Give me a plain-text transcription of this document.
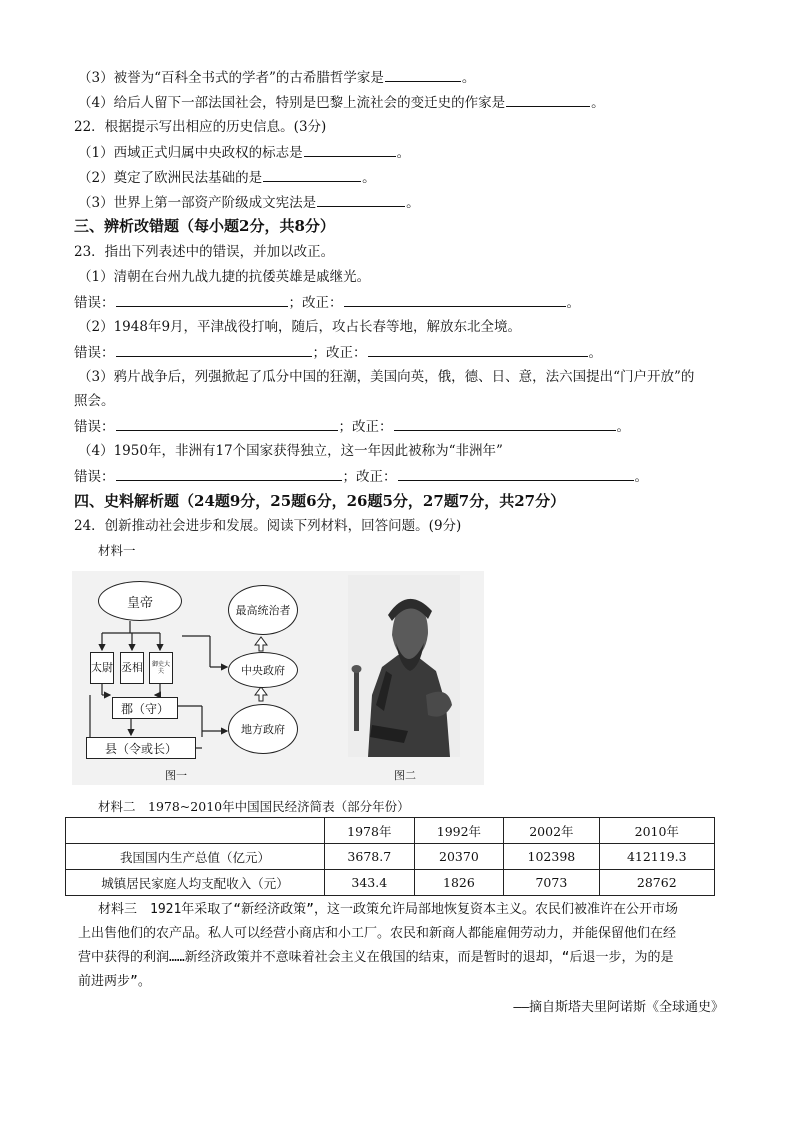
（3）被誉为“百科全书式的学者”的古希腊哲学家是	。
（4）给后人留下一部法国社会，特别是巴黎上流社会的变迁史的作家是	。
22．根据提示写出相应的历史信息。(3分)
（1）西域正式归属中央政权的标志是	。
（2）奠定了欧洲民法基础的是	。
（3）世界上第一部资产阶级成文宪法是	。
三、辨析改错题（每小题2分，共8分）
23．指出下列表述中的错误，并加以改正。
（1）清朝在台州九战九捷的抗倭英雄是戚继光。
错误：	；改正：	。
（2）1948年9月，平津战役打响，随后，攻占长春等地，解放东北全境。
错误：	；改正：	。
（3）鸦片战争后，列强掀起了瓜分中国的狂潮，美国向英，俄，德、日、意，法六国提出“门户开放”的
照会。
错误：	；改正：	。
（4）1950年，非洲有17个国家获得独立，这一年因此被称为“非洲年”
错误：	；改正：	。
四、史料解析题（24题9分，25题6分，26题5分，27题7分，共27分）
24．创新推动社会进步和发展。阅读下列材料，回答问题。(9分)
材料一
皇帝
太尉 丞相	御史大夫
郡（守）
县（令或长）
最高统治者
中央政府
地方政府
图一	图二
材料二　1978~2010年中国国民经济简表（部分年份）
	1978年	1992年	2002年	2010年
我国国内生产总值（亿元）	3678.7	20370	102398	412119.3
城镇居民家庭人均支配收入（元）	343.4	1826	7073	28762
材料三　1921年采取了“新经济政策”，这一政策允许局部地恢复资本主义。农民们被准许在公开市场
上出售他们的农产品。私人可以经营小商店和小工厂。农民和新商人都能雇佣劳动力，并能保留他们在经
营中获得的利润……新经济政策并不意味着社会主义在俄国的结束，而是暂时的退却，“后退一步，为的是
前进两步”。
——摘自斯塔夫里阿诺斯《全球通史》
